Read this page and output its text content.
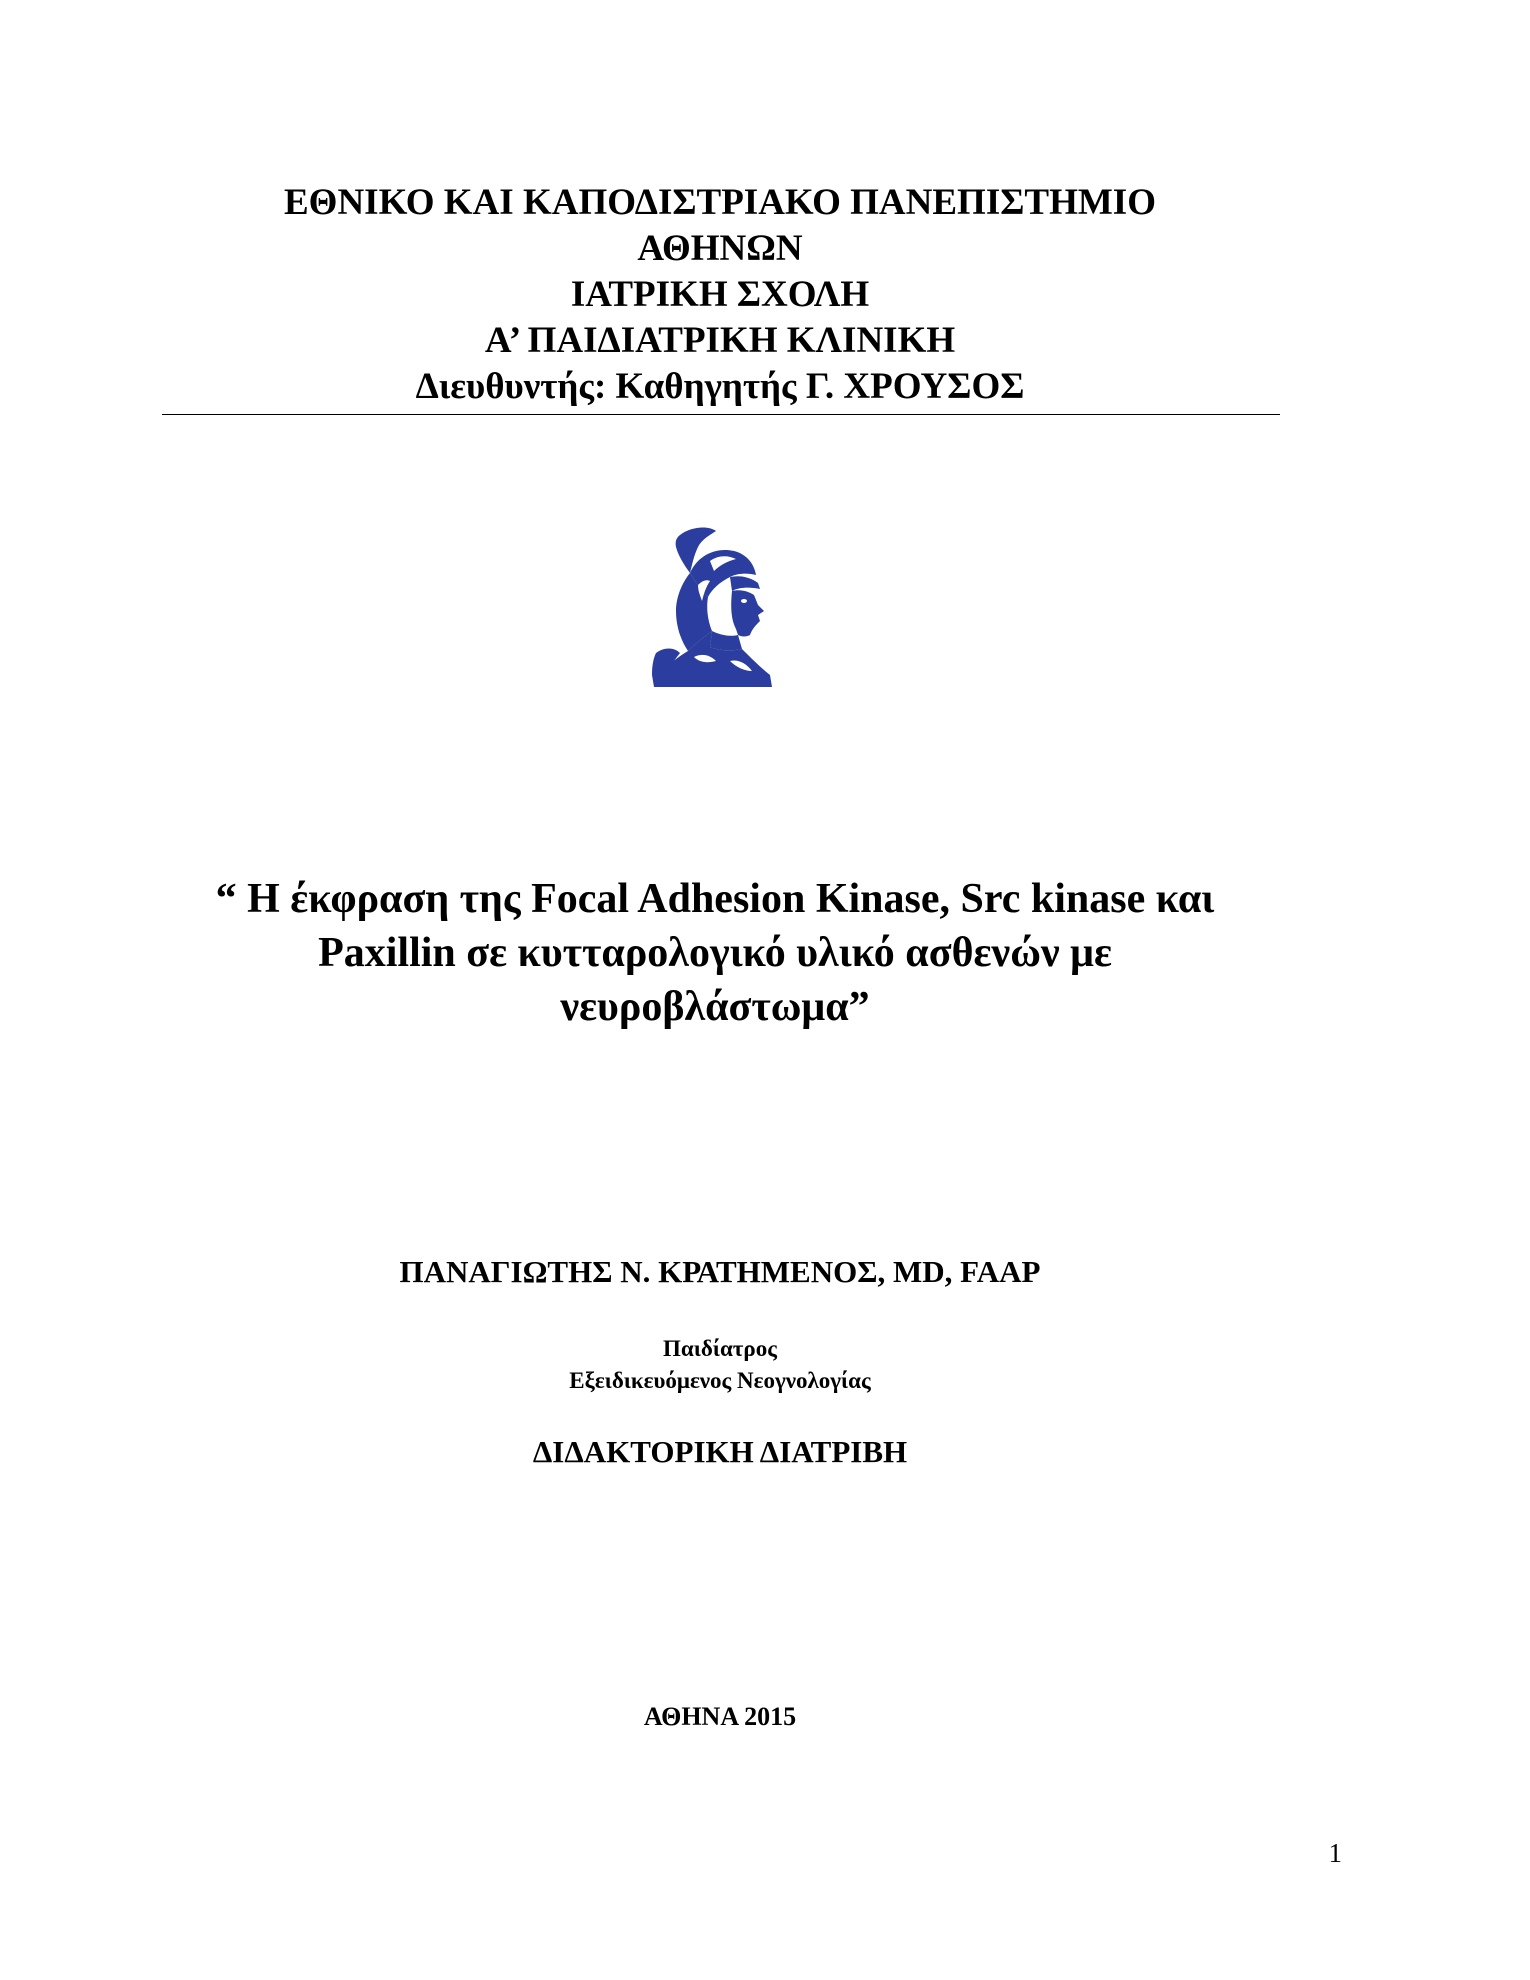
ΕΘΝΙΚΟ ΚΑΙ ΚΑΠΟΔΙΣΤΡΙΑΚΟ ΠΑΝΕΠΙΣΤΗΜΙΟ
ΑΘΗΝΩΝ
ΙΑΤΡΙΚΗ ΣΧΟΛΗ
Α’ ΠΑΙΔΙΑΤΡΙΚΗ ΚΛΙΝΙΚΗ
Διευθυντής: Καθηγητής Γ. ΧΡΟΥΣΟΣ
“ Η έκφραση της Focal Adhesion Kinase, Src kinase και
Paxillin σε κυτταρολογικό υλικό ασθενών με
νευροβλάστωμα”
ΠΑΝΑΓΙΩΤΗΣ Ν. ΚΡΑΤΗΜΕΝΟΣ, MD, FAAP
Παιδίατρος
Εξειδικευόμενος Νεογνολογίας
ΔΙΔΑΚΤΟΡΙΚΗ ΔΙΑΤΡΙΒΗ
ΑΘΗΝΑ 2015
1
